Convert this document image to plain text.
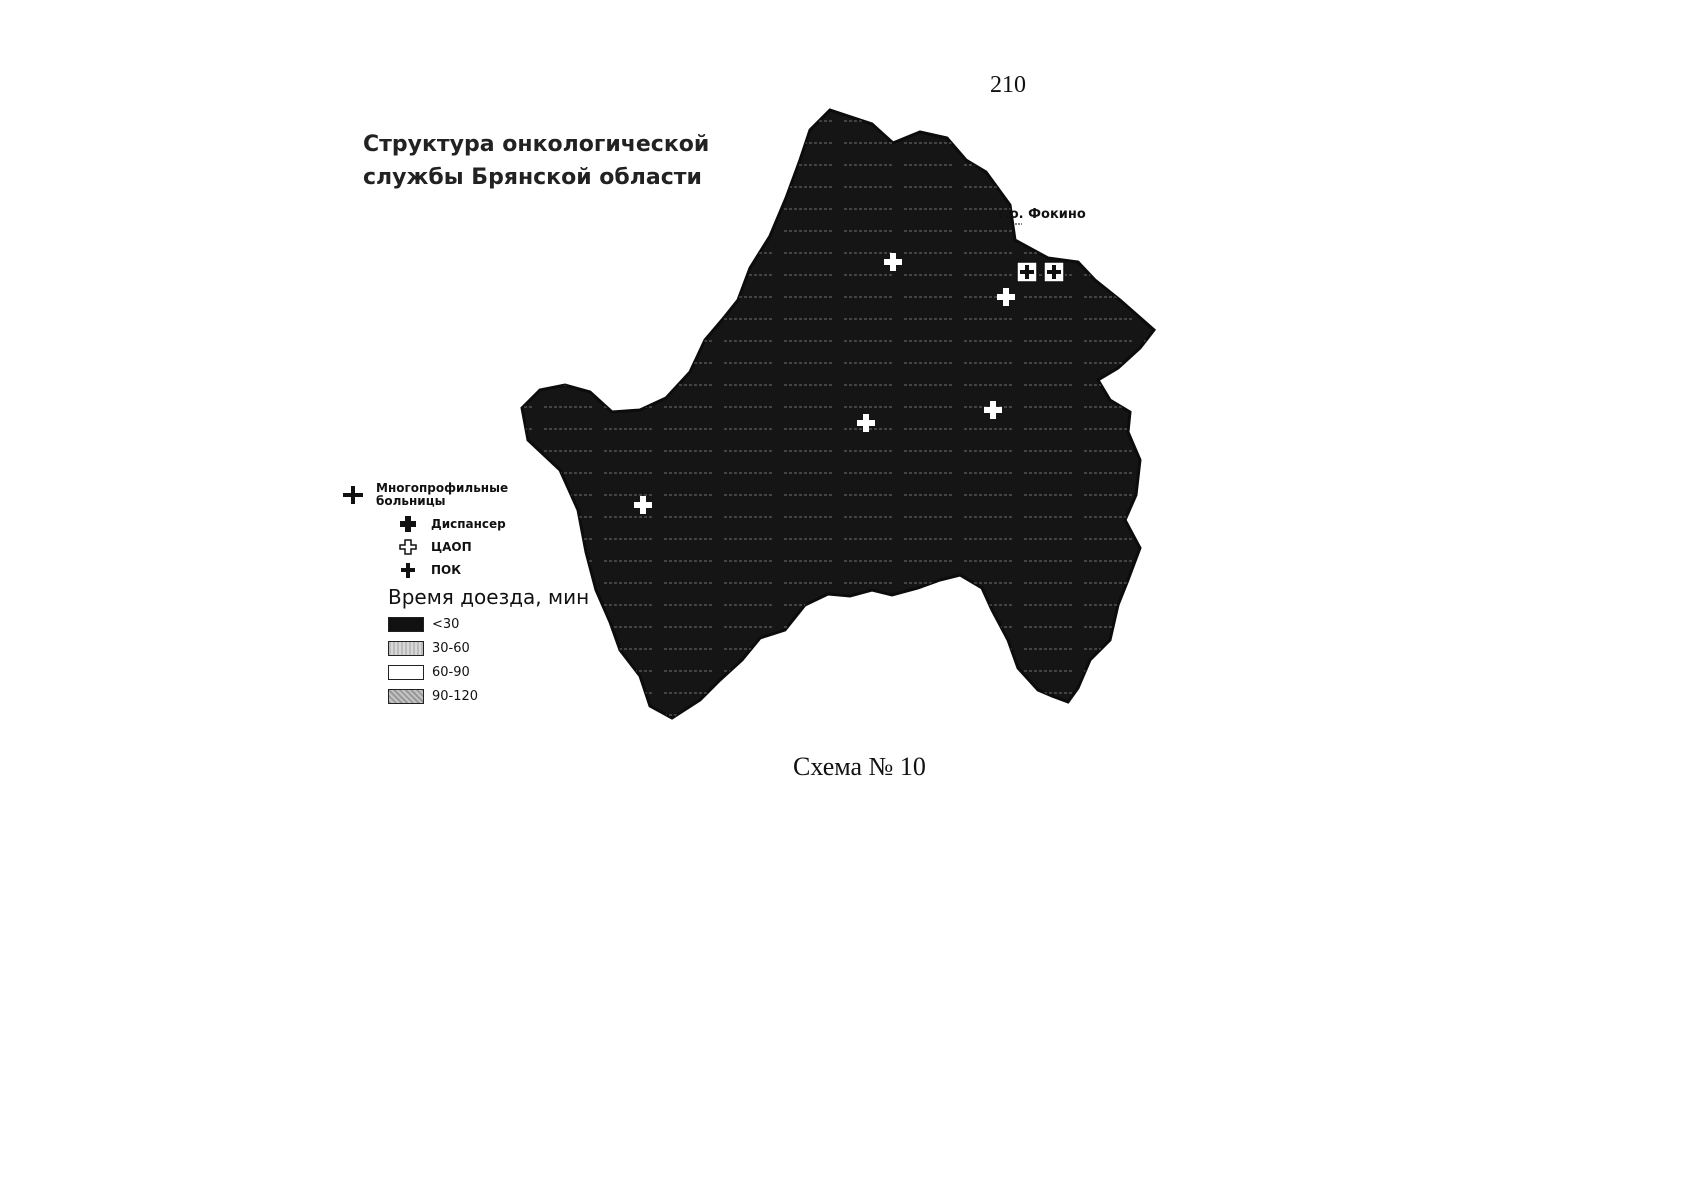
210
Структура онкологической
службы Брянской области
г.о. Фокино
Многопрофильные больницы
Диспансер
ЦАОП
ПОК
Время доезда, мин
<30
30-60
60-90
90-120
Схема № 10
